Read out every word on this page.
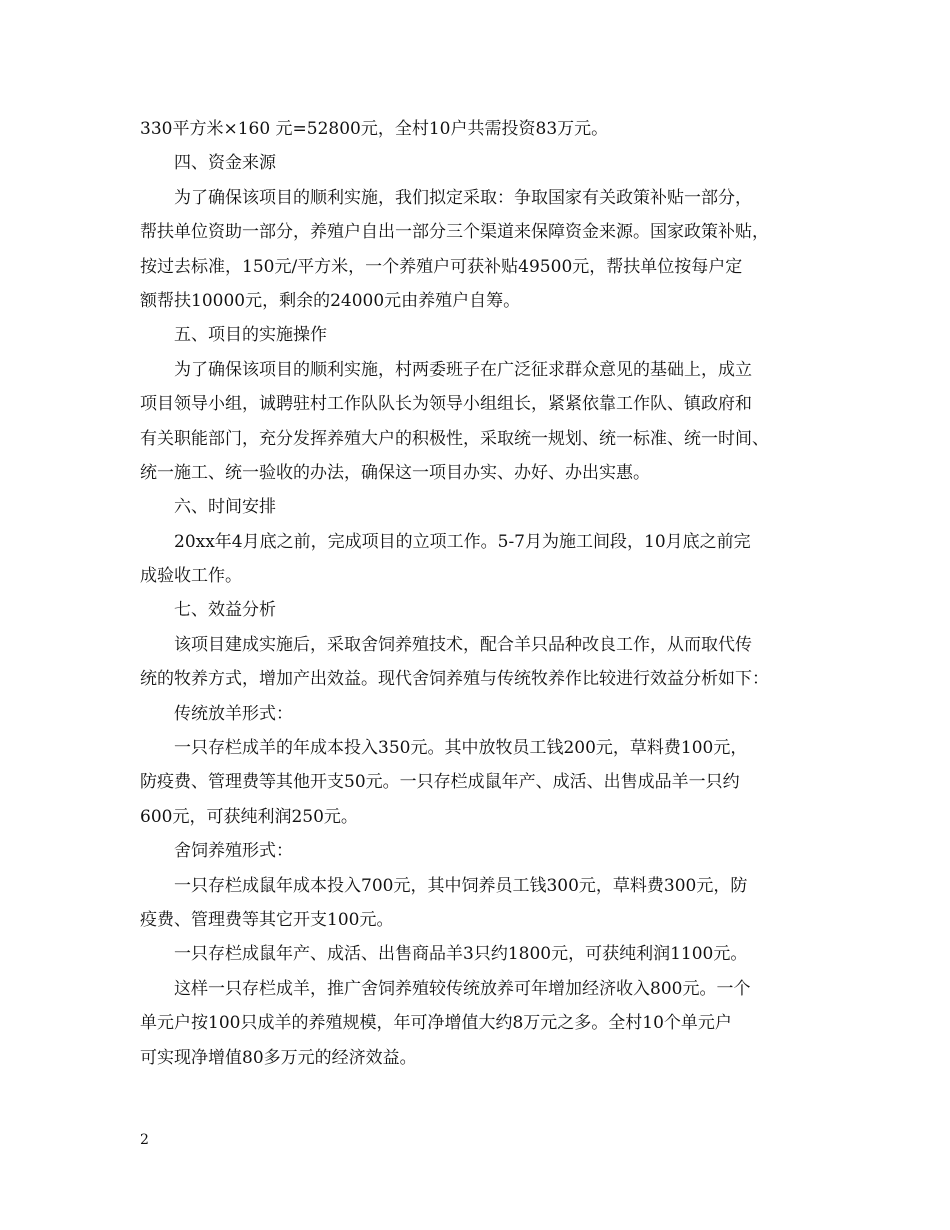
330平方米×160 元=52800元，全村10户共需投资83万元。
四、资金来源
为了确保该项目的顺利实施，我们拟定采取：争取国家有关政策补贴一部分，
帮扶单位资助一部分，养殖户自出一部分三个渠道来保障资金来源。国家政策补贴，
按过去标准，150元/平方米，一个养殖户可获补贴49500元，帮扶单位按每户定
额帮扶10000元，剩余的24000元由养殖户自筹。
五、项目的实施操作
为了确保该项目的顺利实施，村两委班子在广泛征求群众意见的基础上，成立
项目领导小组，诚聘驻村工作队队长为领导小组组长，紧紧依靠工作队、镇政府和
有关职能部门，充分发挥养殖大户的积极性，采取统一规划、统一标准、统一时间、
统一施工、统一验收的办法，确保这一项目办实、办好、办出实惠。
六、时间安排
20xx年4月底之前，完成项目的立项工作。5-7月为施工间段，10月底之前完
成验收工作。
七、效益分析
该项目建成实施后，采取舍饲养殖技术，配合羊只品种改良工作，从而取代传
统的牧养方式，增加产出效益。现代舍饲养殖与传统牧养作比较进行效益分析如下：
传统放羊形式：
一只存栏成羊的年成本投入350元。其中放牧员工钱200元，草料费100元，
防疫费、管理费等其他开支50元。一只存栏成鼠年产、成活、出售成品羊一只约
600元，可获纯利润250元。
舍饲养殖形式：
一只存栏成鼠年成本投入700元，其中饲养员工钱300元，草料费300元，防
疫费、管理费等其它开支100元。
一只存栏成鼠年产、成活、出售商品羊3只约1800元，可获纯利润1100元。
这样一只存栏成羊，推广舍饲养殖较传统放养可年增加经济收入800元。一个
单元户按100只成羊的养殖规模，年可净增值大约8万元之多。全村10个单元户
可实现净增值80多万元的经济效益。
2
